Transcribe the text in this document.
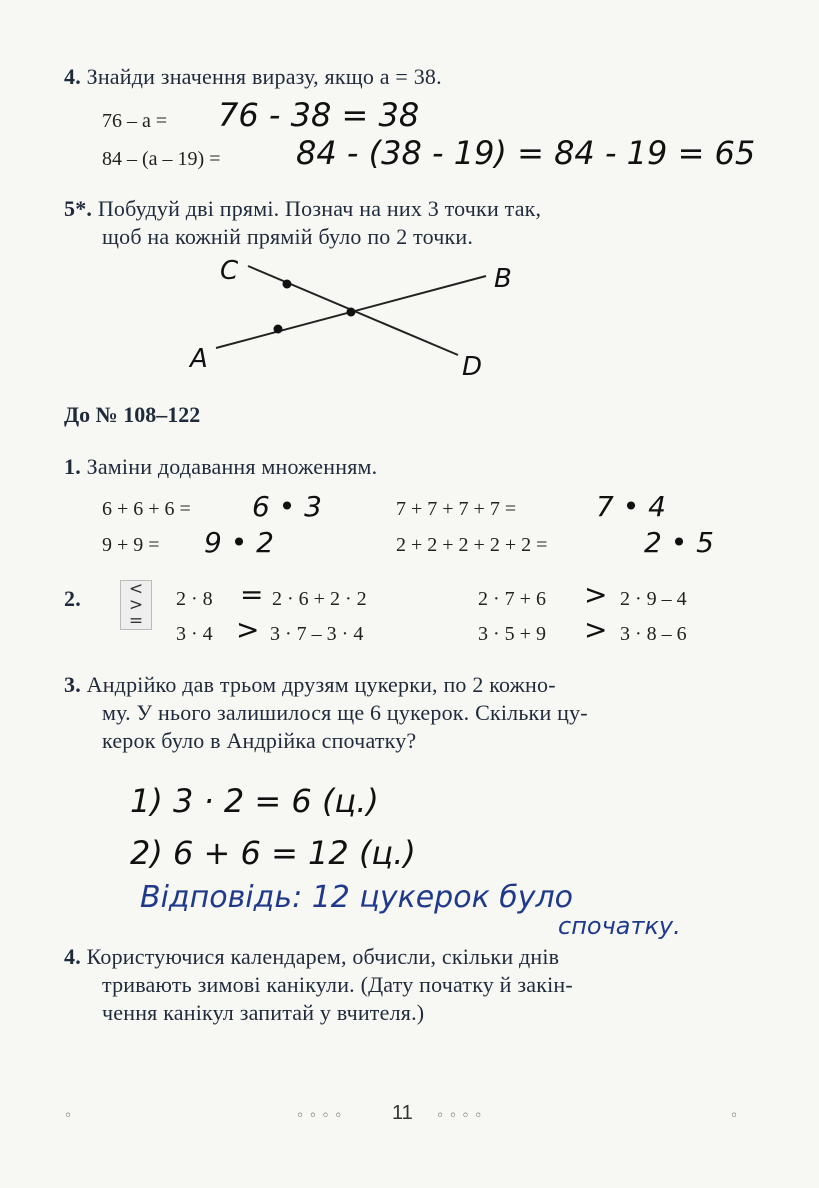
4. Знайди значення виразу, якщо а = 38.
76 – a = 76 - 38 = 38
84 – (a – 19) = 84 - (38 - 19) = 84 - 19 = 65
5*. Побудуй дві прямі. Познач на них 3 точки так,
щоб на кожній прямій було по 2 точки.
C	B
A	D
До № 108–122
1. Заміни додавання множенням.
6 + 6 + 6 = 6 • 3	7 + 7 + 7 + 7 =	7 • 4
9 + 9 = 9 • 2	2 + 2 + 2 + 2 + 2 =	2 • 5
2.	<
>
=
2 · 8 = 2 · 6 + 2 · 2	2 · 7 + 6 > 2 · 9 – 4
3 · 4 > 3 · 7 – 3 · 4	3 · 5 + 9 > 3 · 8 – 6
3. Андрійко дав трьом друзям цукерки, по 2 кожно-
му. У нього залишилося ще 6 цукерок. Скільки цу-
керок було в Андрійка спочатку?
1) 3 · 2 = 6 (ц.)
2) 6 + 6 = 12 (ц.)
Відповідь: 12 цукерок було
спочатку.
4. Користуючися календарем, обчисли, скільки днів
тривають зимові канікули. (Дату початку й закін-
чення канікул запитай у вчителя.)
◦	◦ ◦ ◦ ◦ 11 ◦ ◦ ◦ ◦	◦
